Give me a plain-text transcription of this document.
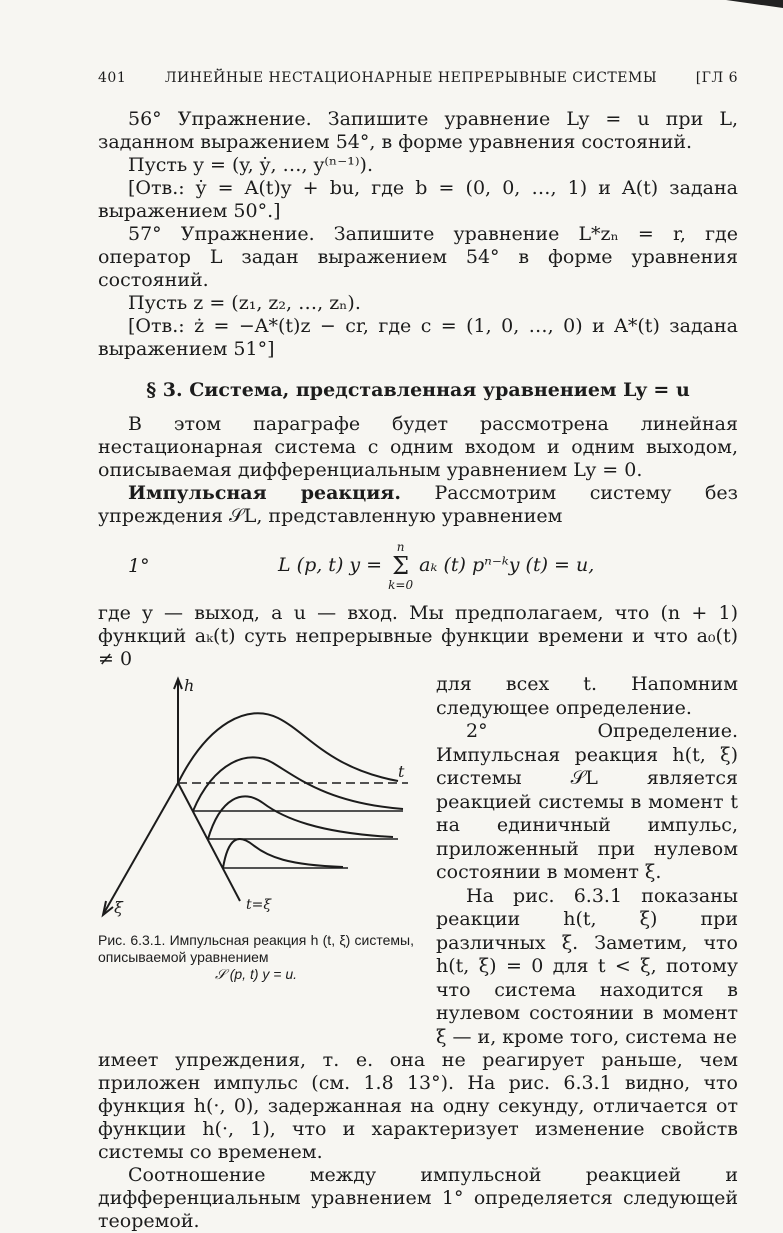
401	ЛИНЕЙНЫЕ НЕСТАЦИОНАРНЫЕ НЕПРЕРЫВНЫЕ СИСТЕМЫ	[ГЛ 6

56° Упражнение. Запишите уравнение Ly = u при L, заданном выражением 54°, в форме уравнения состояний.

Пусть y = (y, ẏ, …, y⁽ⁿ⁻¹⁾).

[Отв.: ẏ = A(t)y + bu, где b = (0, 0, …, 1) и A(t) задана выражением 50°.]

57° Упражнение. Запишите уравнение L*zₙ = r, где оператор L задан выражением 54° в форме уравнения состояний.

Пусть z = (z₁, z₂, …, zₙ).

[Отв.: ż = −A*(t)z − cr, где c = (1, 0, …, 0) и A*(t) задана выражением 51°]

§ 3. Система, представленная уравнением Ly = u

В этом параграфе будет рассмотрена линейная нестационарная система с одним входом и одним выходом, описываемая дифференциальным уравнением Ly = 0.

Импульсная реакция. Рассмотрим систему без упреждения 𝒮L, представленную уравнением

1°	L (p, t) y =
n
Σ
k=0
aₖ (t) pⁿ⁻ᵏy (t) = u,

где y — выход, а u — вход. Мы предполагаем, что (n + 1) функций aₖ(t) суть непрерывные функции времени и что a₀(t) ≠ 0

h
t
ξ	t=ξ
Рис. 6.3.1. Импульсная реакция h (t, ξ) системы, описываемой уравнением
𝒮 (p, t) y = u.

для всех t. Напомним следующее определение.

2° Определение. Импульсная реакция h(t, ξ) системы 𝒮L является реакцией системы в момент t на единичный импульс, приложенный при нулевом состоянии в момент ξ.

На рис. 6.3.1 показаны реакции h(t, ξ) при различных ξ. Заметим, что h(t, ξ) = 0 для t < ξ, потому что система находится в нулевом состоянии в момент ξ — и, кроме того, система не

имеет упреждения, т. е. она не реагирует раньше, чем приложен импульс (см. 1.8 13°). На рис. 6.3.1 видно, что функция h(·, 0), задержанная на одну секунду, отличается от функции h(·, 1), что и характеризует изменение свойств системы со временем.

Соотношение между импульсной реакцией и дифференциальным уравнением 1° определяется следующей теоремой.
